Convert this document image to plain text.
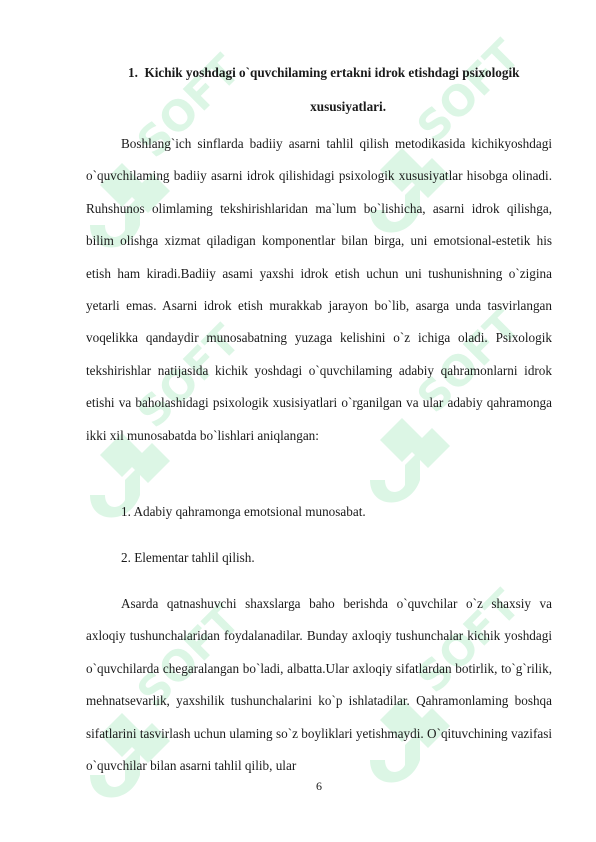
1. Kichik yoshdagi o`quvchilaming ertakni idrok etishdagi psixologik
xususiyatlari.
Boshlang`ich sinflarda badiiy asarni tahlil qilish metodikasida kichikyoshdagi o`quvchilaming badiiy asarni idrok qilishidagi psixologik xususiyatlar hisobga olinadi. Ruhshunos olimlaming tekshirishlaridan ma`lum bo`lishicha, asarni idrok qilishga, bilim olishga xizmat qiladigan komponentlar bilan birga, uni emotsional-estetik his etish ham kiradi.Badiiy asami yaxshi idrok etish uchun uni tushunishning o`zigina yetarli emas. Asarni idrok etish murakkab jarayon bo`lib, asarga unda tasvirlangan voqelikka qandaydir munosabatning yuzaga kelishini o`z ichiga oladi. Psixologik tekshirishlar natijasida kichik yoshdagi o`quvchilaming adabiy qahramonlarni idrok etishi va baholashidagi psixologik xusisiyatlari o`rganilgan va ular adabiy qahramonga ikki xil munosabatda bo`lishlari aniqlangan:
1. Adabiy qahramonga emotsional munosabat.
2. Elementar tahlil qilish.
Asarda qatnashuvchi shaxslarga baho berishda o`quvchilar o`z shaxsiy va axloqiy tushunchalaridan foydalanadilar. Bunday axloqiy tushunchalar kichik yoshdagi o`quvchilarda chegaralangan bo`ladi, albatta.Ular axloqiy sifatlardan botirlik, to`g`rilik, mehnatsevarlik, yaxshilik tushunchalarini ko`p ishlatadilar. Qahramonlaming boshqa sifatlarini tasvirlash uchun ulaming so`z boyliklari yetishmaydi. O`qituvchining vazifasi o`quvchilar bilan asarni tahlil qilib, ular
6
